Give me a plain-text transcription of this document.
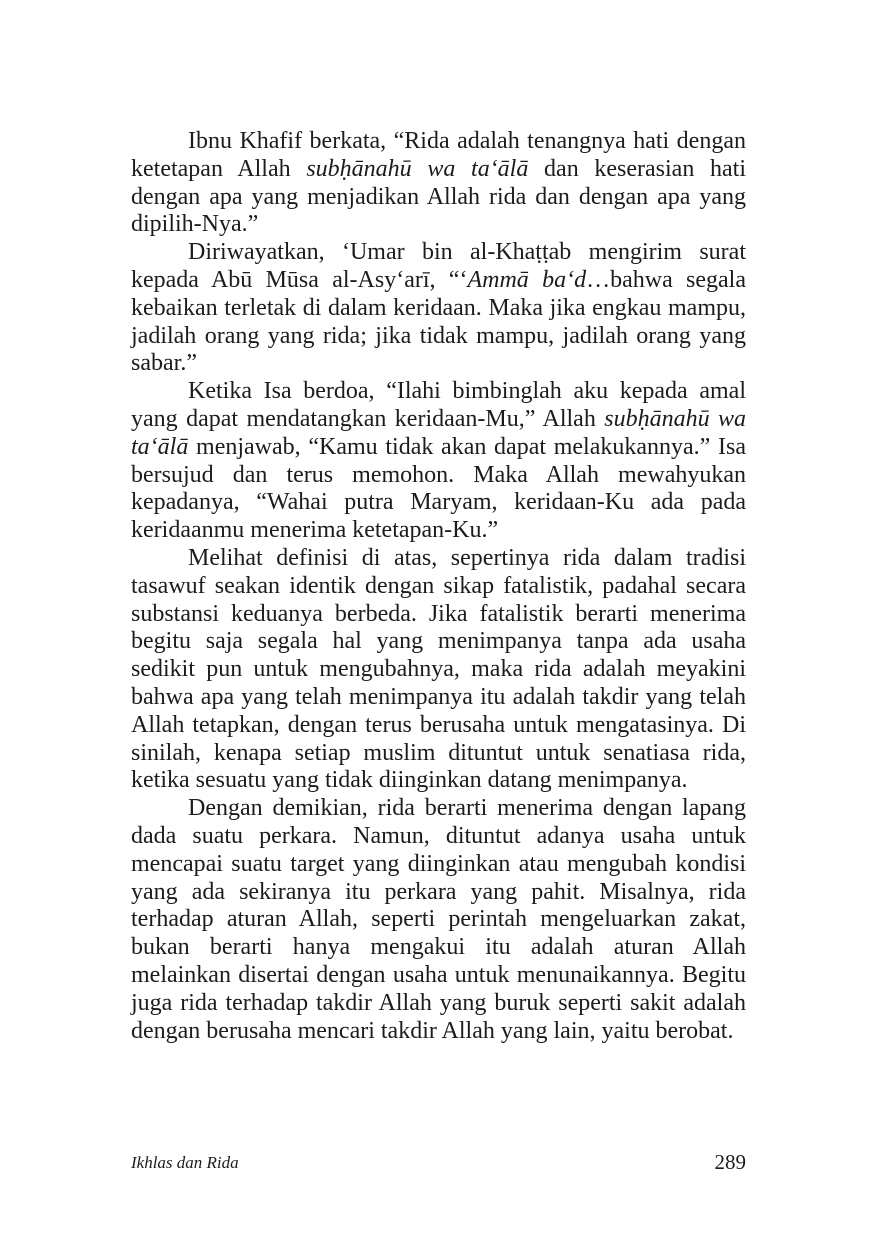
Ibnu Khafif berkata, “Rida adalah tenangnya hati dengan ketetapan Allah subḥānahū wa ta‘ālā dan keserasian hati dengan apa yang menjadikan Allah rida dan dengan apa yang dipilih-Nya.”

Diriwayatkan, ‘Umar bin al-Khaṭṭab mengirim surat kepada Abū Mūsa al-Asy‘arī, “‘Ammā ba‘d…bahwa segala kebaikan terletak di dalam keridaan. Maka jika engkau mampu, jadilah orang yang rida; jika tidak mampu, jadilah orang yang sabar.”

Ketika Isa berdoa, “Ilahi bimbinglah aku kepada amal yang dapat mendatangkan keridaan-Mu,” Allah subḥānahū wa ta‘ālā menjawab, “Kamu tidak akan dapat melakukannya.” Isa bersujud dan terus memohon. Maka Allah mewahyukan kepadanya, “Wahai putra Maryam, keridaan-Ku ada pada keridaanmu menerima ketetapan-Ku.”

Melihat definisi di atas, sepertinya rida dalam tradisi tasawuf seakan identik dengan sikap fatalistik, padahal secara substansi keduanya berbeda. Jika fatalistik berarti menerima begitu saja segala hal yang menimpanya tanpa ada usaha sedikit pun untuk mengubahnya, maka rida adalah meyakini bahwa apa yang telah menimpanya itu adalah takdir yang telah Allah tetapkan, dengan terus berusaha untuk mengatasinya. Di sinilah, kenapa setiap muslim dituntut untuk senatiasa rida, ketika sesuatu yang tidak diinginkan datang menimpanya.

Dengan demikian, rida berarti menerima dengan lapang dada suatu perkara. Namun, dituntut adanya usaha untuk mencapai suatu target yang diinginkan atau mengubah kondisi yang ada sekiranya itu perkara yang pahit. Misalnya, rida terhadap aturan Allah, seperti perintah mengeluarkan zakat, bukan berarti hanya mengakui itu adalah aturan Allah melainkan disertai dengan usaha untuk menunaikannya. Begitu juga rida terhadap takdir Allah yang buruk seperti sakit adalah dengan berusaha mencari takdir Allah yang lain, yaitu berobat.

Ikhlas dan Rida	289
